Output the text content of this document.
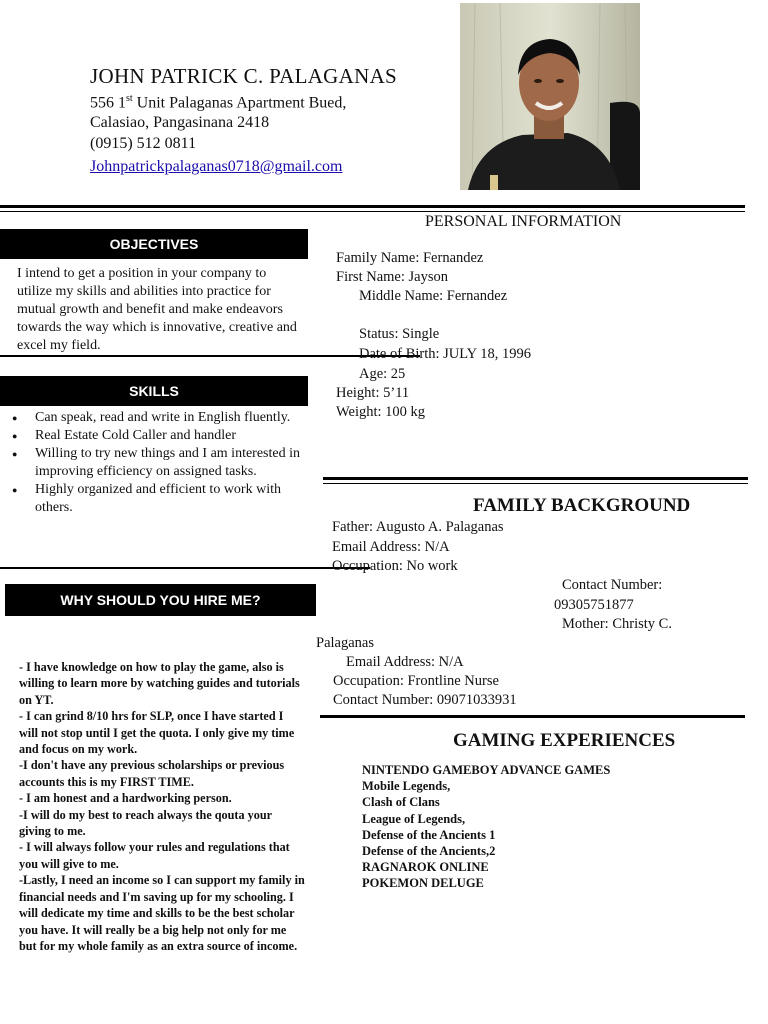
JOHN PATRICK C. PALAGANAS
556 1st Unit Palaganas Apartment Bued,
Calasiao, Pangasinana 2418
(0915) 512 0811
Johnpatrickpalaganas0718@gmail.com
OBJECTIVES
I intend to get a position in your company to utilize my skills and abilities into practice for mutual growth and benefit and make endeavors towards the way which is innovative, creative and excel my field.
SKILLS
● Can speak, read and write in English fluently.
● Real Estate Cold Caller and handler
● Willing to try new things and I am interested in improving efficiency on assigned tasks.
● Highly organized and efficient to work with others.
WHY SHOULD YOU HIRE ME?
- I have knowledge on how to play the game, also is willing to learn more by watching guides and tutorials on YT.
- I can grind 8/10 hrs for SLP, once I have started I will not stop until I get the quota. I only give my time and focus on my work.
-I don't have any previous scholarships or previous accounts this is my FIRST TIME.
- I am honest and a hardworking person.
-I will do my best to reach always the qouta your giving to me.
- I will always follow your rules and regulations that you will give to me.
-Lastly, I need an income so I can support my family in financial needs and I'm saving up for my schooling. I will dedicate my time and skills to be the best scholar you have. It will really be a big help not only for me but for my whole family as an extra source of income.
PERSONAL INFORMATION
Family Name: Fernandez
First Name: Jayson
Middle Name: Fernandez
Status: Single
Date of Birth: JULY 18, 1996
Age: 25
Height: 5’11
Weight: 100 kg
FAMILY BACKGROUND
Father: Augusto A. Palaganas
Email Address: N/A
Occupation: No work
Contact Number:
09305751877
Mother: Christy C.
Palaganas
Email Address: N/A
Occupation: Frontline Nurse
Contact Number: 09071033931
GAMING EXPERIENCES
NINTENDO GAMEBOY ADVANCE GAMES
Mobile Legends,
Clash of Clans
League of Legends,
Defense of the Ancients 1
Defense of the Ancients,2
RAGNAROK ONLINE
POKEMON DELUGE
